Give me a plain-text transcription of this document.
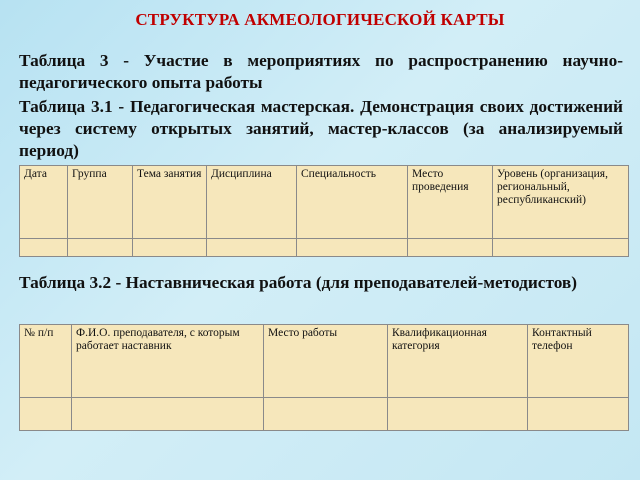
СТРУКТУРА АКМЕОЛОГИЧЕСКОЙ КАРТЫ
Таблица 3 - Участие в мероприятиях по распространению научно-педагогического опыта работы
Таблица 3.1 - Педагогическая мастерская. Демонстрация своих достижений через систему открытых занятий, мастер-классов (за анализируемый период)
Дата	Группа	Тема занятия	Дисциплина	Специальность	Место проведения	Уровень (организация, региональный, республиканский)

Таблица 3.2 - Наставническая работа (для преподавателей-методистов)
№ п/п	Ф.И.О. преподавателя, с которым работает наставник	Место работы	Квалификационная категория	Контактный телефон
